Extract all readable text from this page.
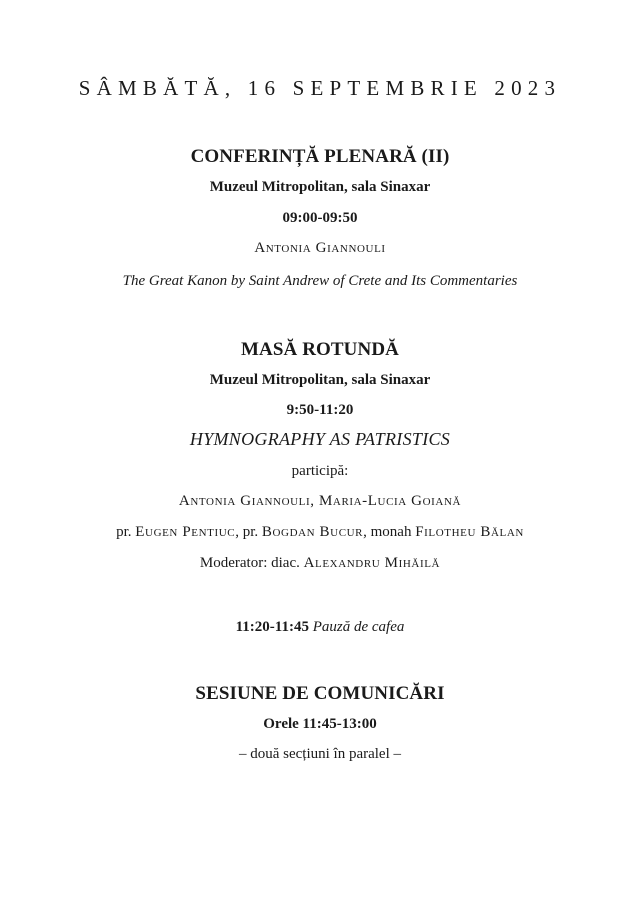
SÂMBĂTĂ, 16 SEPTEMBRIE 2023
CONFERINȚĂ PLENARĂ (II)
Muzeul Mitropolitan, sala Sinaxar
09:00-09:50
Antonia Giannouli
The Great Kanon by Saint Andrew of Crete and Its Commentaries
MASĂ ROTUNDĂ
Muzeul Mitropolitan, sala Sinaxar
9:50-11:20
HYMNOGRAPHY AS PATRISTICS
participă:
Antonia Giannouli, Maria-Lucia Goiană
pr. Eugen Pentiuc, pr. Bogdan Bucur, monah Filotheu Bălan
Moderator: diac. Alexandru Mihăilă
11:20-11:45 Pauză de cafea
SESIUNE DE COMUNICĂRI
Orele 11:45-13:00
– două secțiuni în paralel –
